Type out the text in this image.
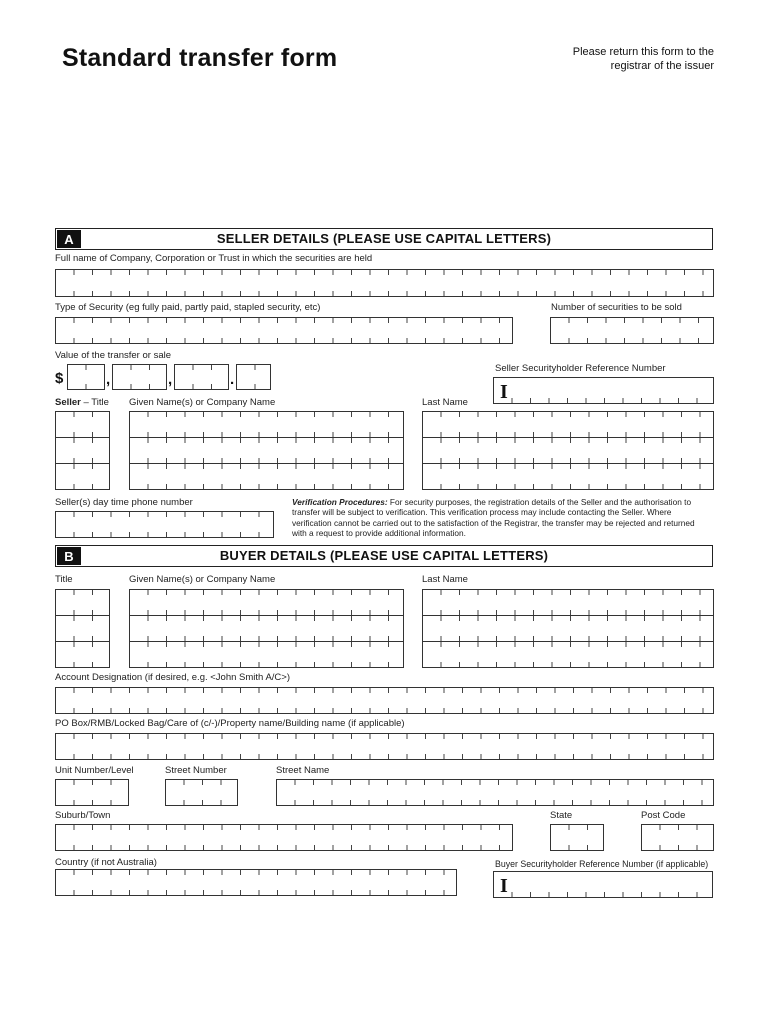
Standard transfer form	Please return this form to the
registrar of the issuer
A	SELLER DETAILS (PLEASE USE CAPITAL LETTERS)
Full name of Company, Corporation or Trust in which the securities are held
Type of Security (eg fully paid, partly paid, stapled security, etc)	Number of securities to be sold
Value of the transfer or sale
$	,	,	.
Seller Securityholder Reference Number
I
Seller – Title Given Name(s) or Company Name	Last Name
Seller(s) day time phone number	Verification Procedures: For security purposes, the registration details of the Seller and the authorisation to transfer will be subject to verification. This verification process may include contacting the Seller. Where verification cannot be carried out to the satisfaction of the Registrar, the transfer may be rejected and returned with a request to provide additional information.
B	BUYER DETAILS (PLEASE USE CAPITAL LETTERS)
Title	Given Name(s) or Company Name	Last Name
Account Designation (if desired, e.g. <John Smith A/C>)
PO Box/RMB/Locked Bag/Care of (c/-)/Property name/Building name (if applicable)
Unit Number/Level	Street Number	Street Name
Suburb/Town	State	Post Code
Country (if not Australia)	Buyer Securityholder Reference Number (if applicable)
I
